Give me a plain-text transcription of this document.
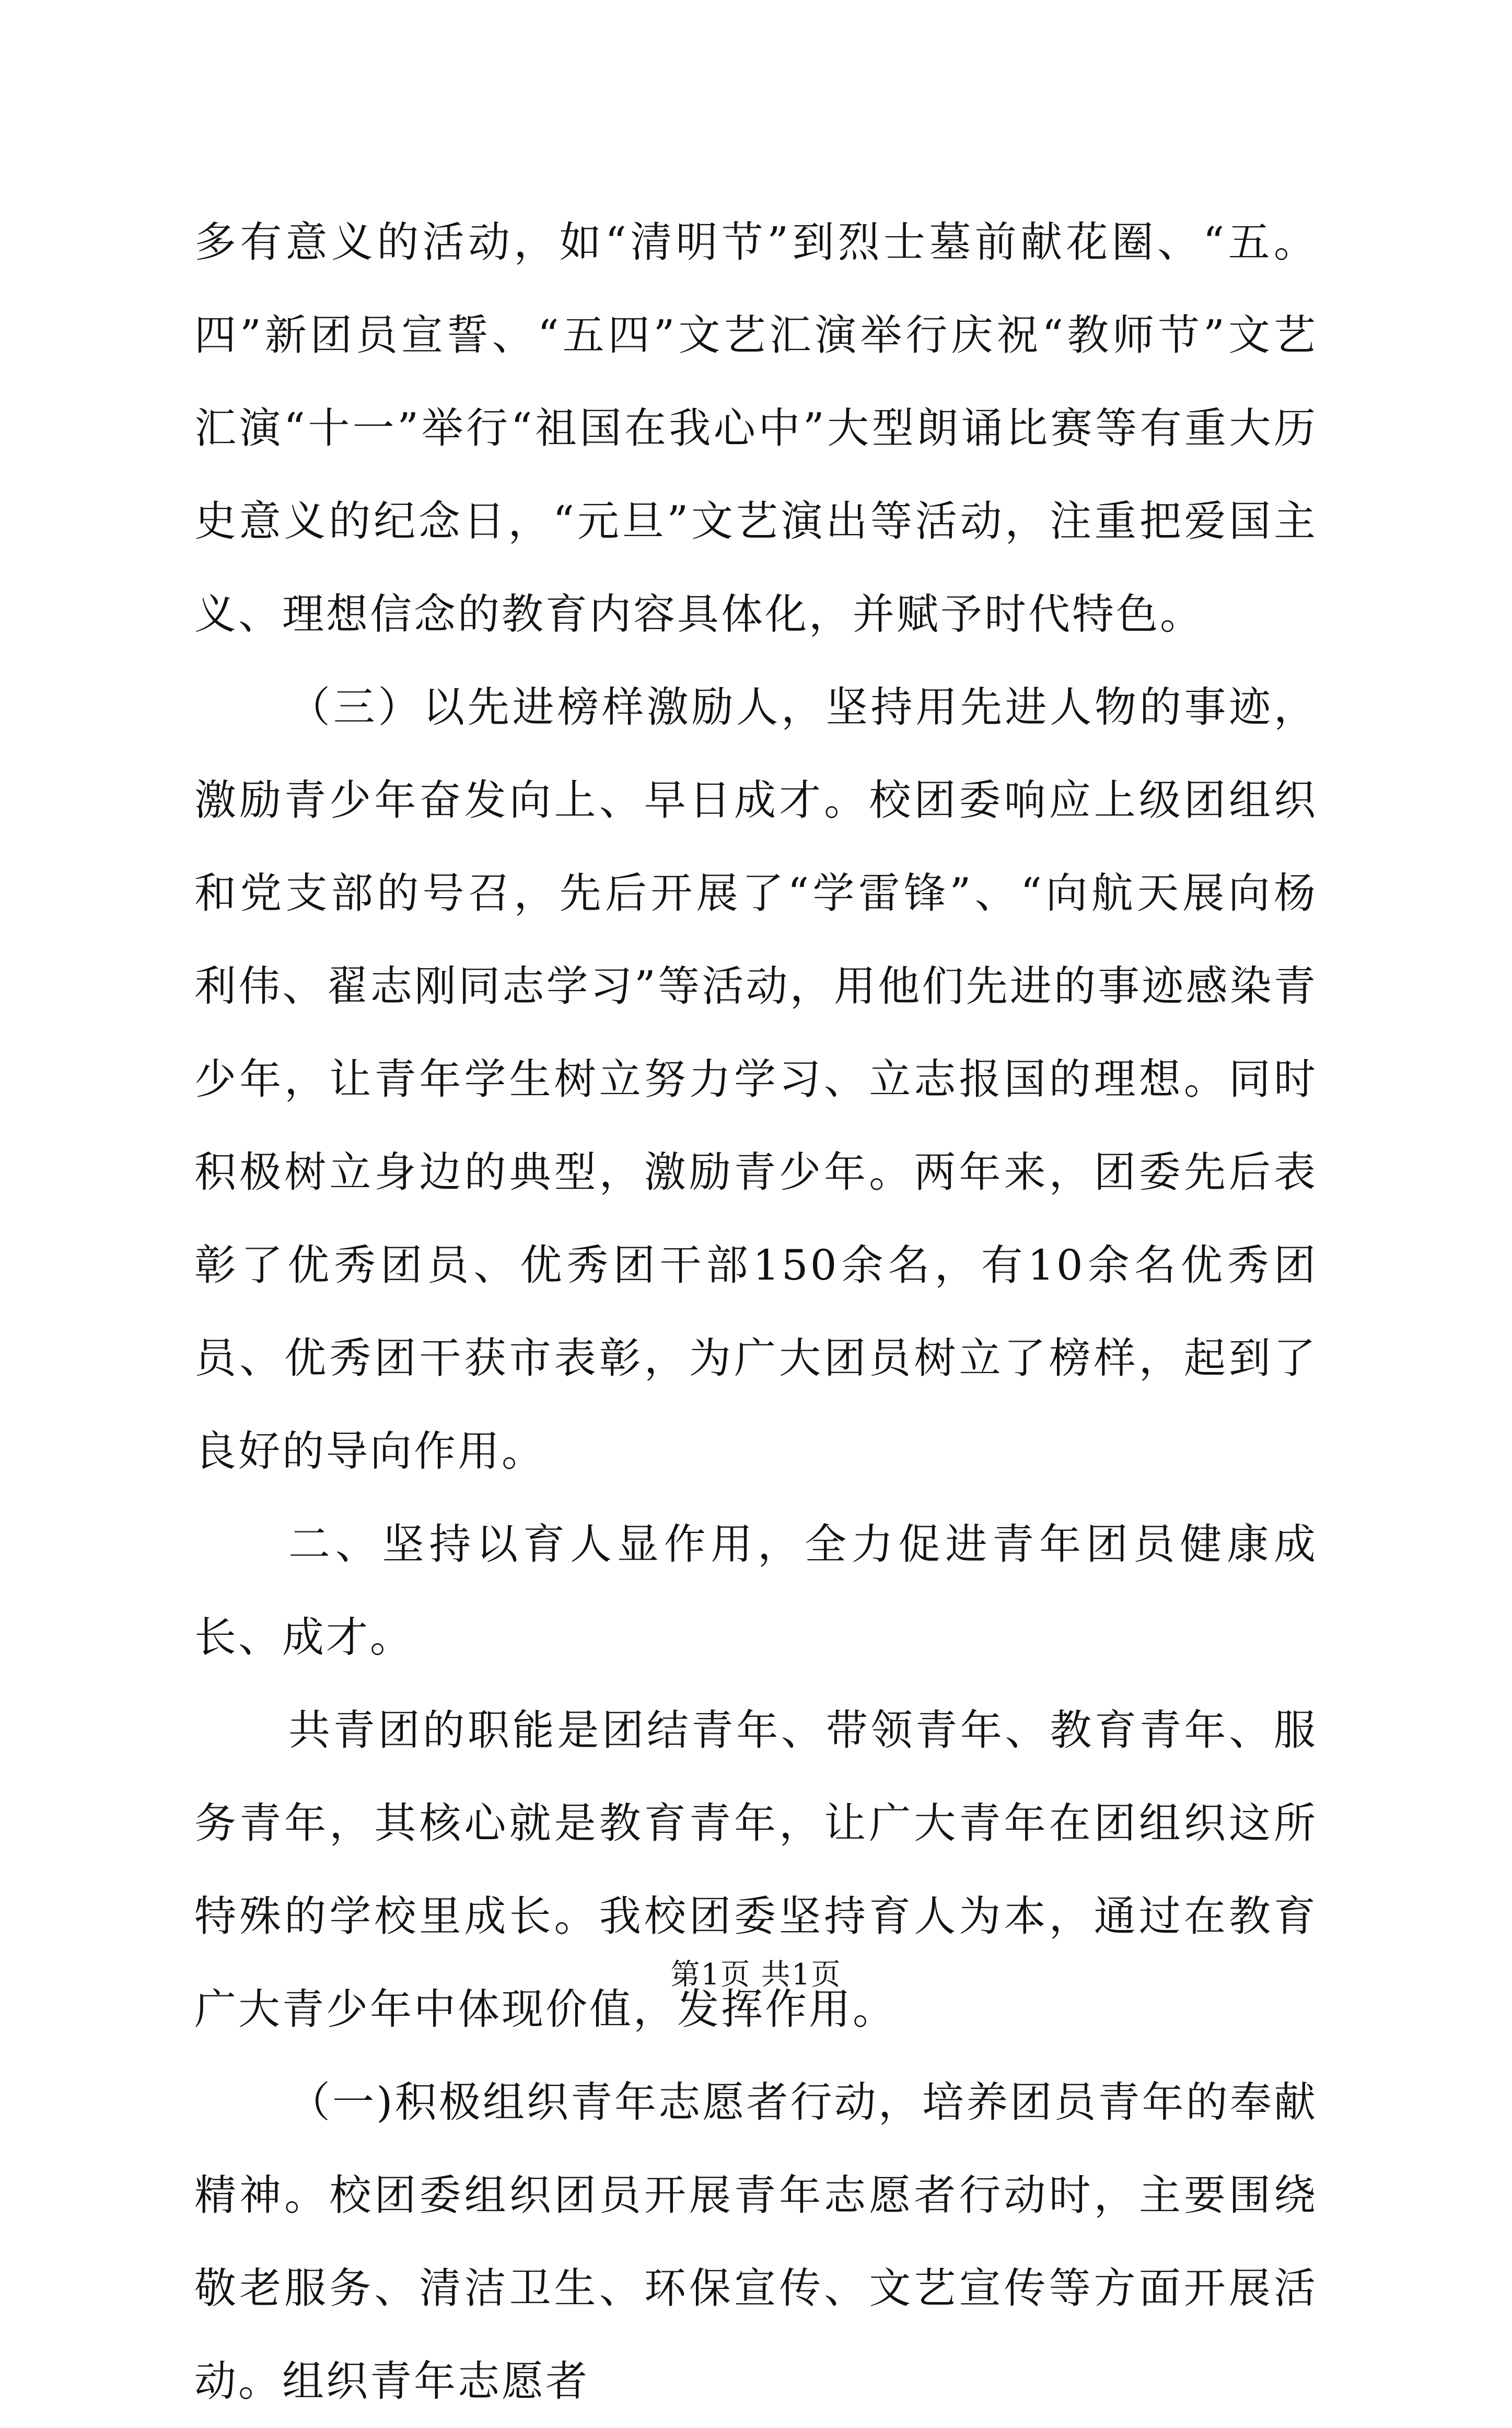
多有意义的活动，如“清明节”到烈士墓前献花圈、“五。四”新团员宣誓、“五四”文艺汇演举行庆祝“教师节”文艺汇演“十一”举行“祖国在我心中”大型朗诵比赛等有重大历史意义的纪念日，“元旦”文艺演出等活动，注重把爱国主义、理想信念的教育内容具体化，并赋予时代特色。

（三）以先进榜样激励人，坚持用先进人物的事迹，激励青少年奋发向上、早日成才。校团委响应上级团组织和党支部的号召，先后开展了“学雷锋”、“向航天展向杨利伟、翟志刚同志学习”等活动，用他们先进的事迹感染青少年，让青年学生树立努力学习、立志报国的理想。同时积极树立身边的典型，激励青少年。两年来，团委先后表彰了优秀团员、优秀团干部150余名，有10余名优秀团员、优秀团干获市表彰，为广大团员树立了榜样，起到了良好的导向作用。

二、坚持以育人显作用，全力促进青年团员健康成长、成才。

共青团的职能是团结青年、带领青年、教育青年、服务青年，其核心就是教育青年，让广大青年在团组织这所特殊的学校里成长。我校团委坚持育人为本，通过在教育广大青少年中体现价值，发挥作用。

（一)积极组织青年志愿者行动，培养团员青年的奉献精神。校团委组织团员开展青年志愿者行动时，主要围绕敬老服务、清洁卫生、环保宣传、文艺宣传等方面开展活动。组织青年志愿者

第1页 共1页
